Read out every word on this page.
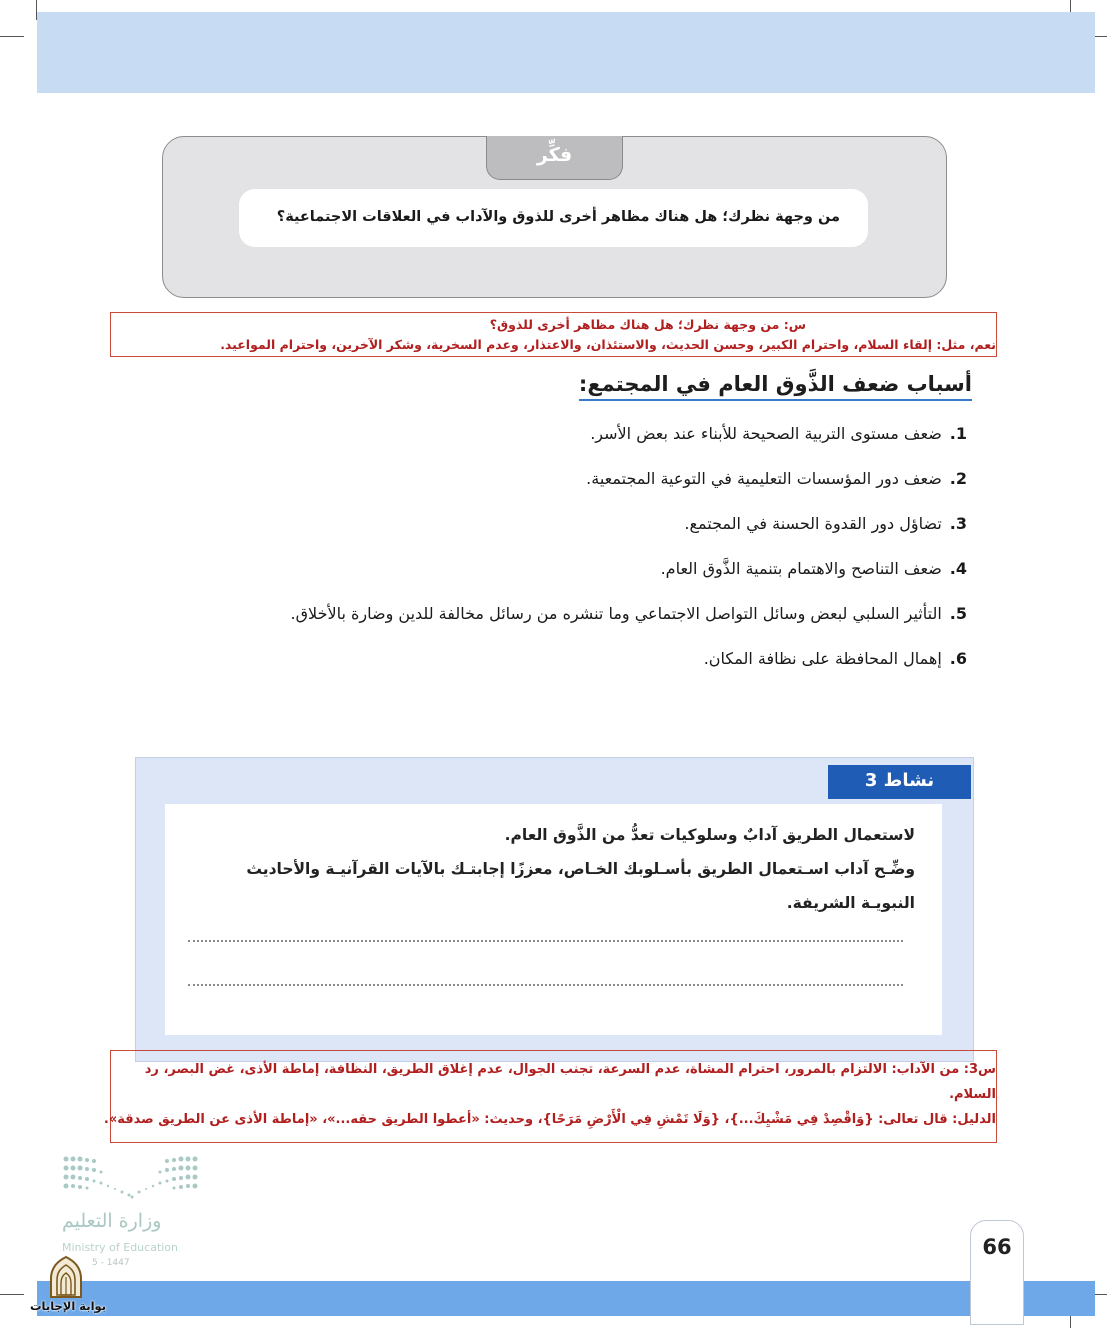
فكِّر
من وجهة نظرك؛ هل هناك مظاهر أخرى للذوق والآداب في العلاقات الاجتماعية؟
س: من وجهة نظرك؛ هل هناك مظاهر أخرى للذوق؟
نعم، مثل: إلقاء السلام، واحترام الكبير، وحسن الحديث، والاستئذان، والاعتذار، وعدم السخرية، وشكر الآخرين، واحترام المواعيد.
أسباب ضعف الذَّوق العام في المجتمع:
1.ضعف مستوى التربية الصحيحة للأبناء عند بعض الأسر.
2.ضعف دور المؤسسات التعليمية في التوعية المجتمعية.
3.تضاؤل دور القدوة الحسنة في المجتمع.
4.ضعف التناصح والاهتمام بتنمية الذَّوق العام.
5.التأثير السلبي لبعض وسائل التواصل الاجتماعي وما تنشره من رسائل مخالفة للدين وضارة بالأخلاق.
6.إهمال المحافظة على نظافة المكان.
نشاط 3
لاستعمال الطريق آدابٌ وسلوكيات تعدُّ من الذَّوق العام.
وضِّـح آداب اسـتعمال الطريق بأسـلوبك الخـاص، معززًا إجابتـك بالآيات القرآنيـة والأحاديث
النبويـة الشريفة.
س3: من الآداب: الالتزام بالمرور، احترام المشاة، عدم السرعة، تجنب الجوال، عدم إغلاق الطريق، النظافة، إماطة الأذى، غض البصر، رد
السلام.
الدليل: قال تعالى: {وَاقْصِدْ فِي مَشْيِكَ...}، {وَلَا تَمْشِ فِي الْأَرْضِ مَرَحًا}، وحديث: «أعطوا الطريق حقه...»، «إماطة الأذى عن الطريق صدقة».
وزارة التعليم
Ministry of Education
5 - 1447
66
بوابة الإجابات
